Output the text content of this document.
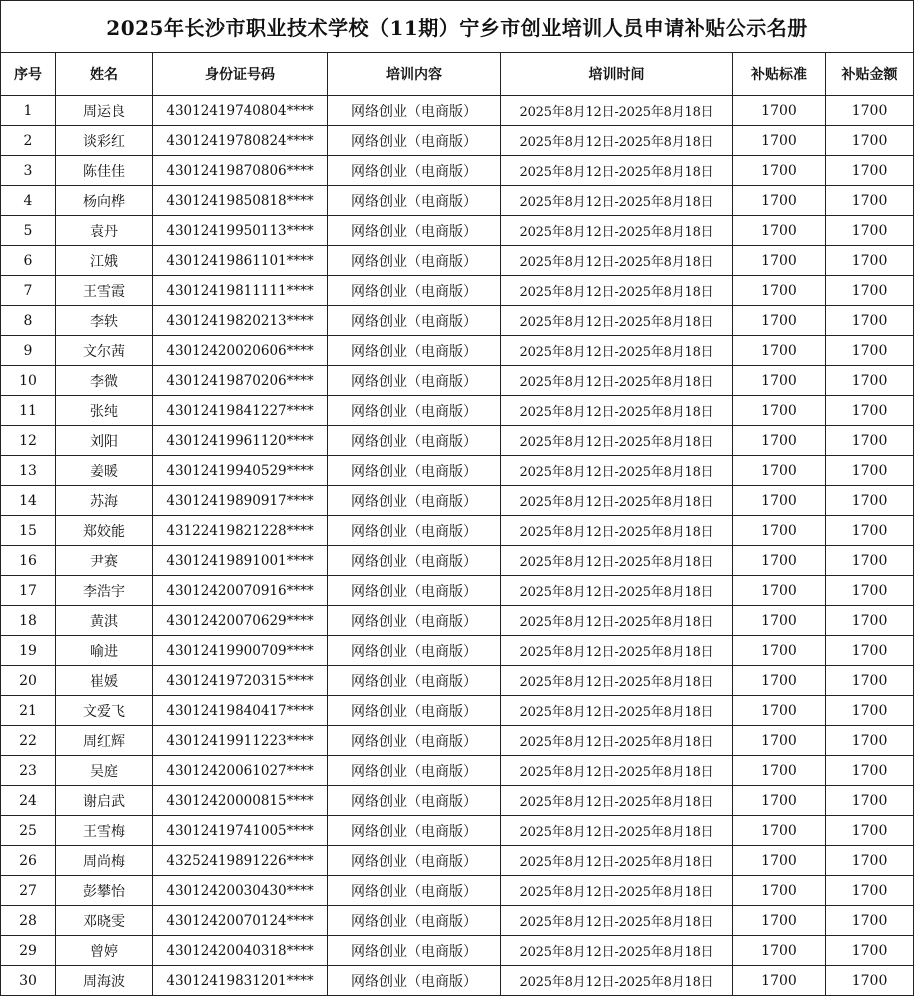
2025年长沙市职业技术学校（11期）宁乡市创业培训人员申请补贴公示名册						
序号	姓名	身份证号码	培训内容	培训时间	补贴标准	补贴金额
1	周运良	43012419740804****	网络创业（电商版）	2025年8月12日-2025年8月18日	1700	1700
2	谈彩红	43012419780824****	网络创业（电商版）	2025年8月12日-2025年8月18日	1700	1700
3	陈佳佳	43012419870806****	网络创业（电商版）	2025年8月12日-2025年8月18日	1700	1700
4	杨向桦	43012419850818****	网络创业（电商版）	2025年8月12日-2025年8月18日	1700	1700
5	袁丹	43012419950113****	网络创业（电商版）	2025年8月12日-2025年8月18日	1700	1700
6	江娥	43012419861101****	网络创业（电商版）	2025年8月12日-2025年8月18日	1700	1700
7	王雪霞	43012419811111****	网络创业（电商版）	2025年8月12日-2025年8月18日	1700	1700
8	李轶	43012419820213****	网络创业（电商版）	2025年8月12日-2025年8月18日	1700	1700
9	文尔茜	43012420020606****	网络创业（电商版）	2025年8月12日-2025年8月18日	1700	1700
10	李微	43012419870206****	网络创业（电商版）	2025年8月12日-2025年8月18日	1700	1700
11	张纯	43012419841227****	网络创业（电商版）	2025年8月12日-2025年8月18日	1700	1700
12	刘阳	43012419961120****	网络创业（电商版）	2025年8月12日-2025年8月18日	1700	1700
13	姜暖	43012419940529****	网络创业（电商版）	2025年8月12日-2025年8月18日	1700	1700
14	苏海	43012419890917****	网络创业（电商版）	2025年8月12日-2025年8月18日	1700	1700
15	郑姣能	43122419821228****	网络创业（电商版）	2025年8月12日-2025年8月18日	1700	1700
16	尹赛	43012419891001****	网络创业（电商版）	2025年8月12日-2025年8月18日	1700	1700
17	李浩宇	43012420070916****	网络创业（电商版）	2025年8月12日-2025年8月18日	1700	1700
18	黄淇	43012420070629****	网络创业（电商版）	2025年8月12日-2025年8月18日	1700	1700
19	喻进	43012419900709****	网络创业（电商版）	2025年8月12日-2025年8月18日	1700	1700
20	崔媛	43012419720315****	网络创业（电商版）	2025年8月12日-2025年8月18日	1700	1700
21	文爱飞	43012419840417****	网络创业（电商版）	2025年8月12日-2025年8月18日	1700	1700
22	周红辉	43012419911223****	网络创业（电商版）	2025年8月12日-2025年8月18日	1700	1700
23	吴庭	43012420061027****	网络创业（电商版）	2025年8月12日-2025年8月18日	1700	1700
24	谢启武	43012420000815****	网络创业（电商版）	2025年8月12日-2025年8月18日	1700	1700
25	王雪梅	43012419741005****	网络创业（电商版）	2025年8月12日-2025年8月18日	1700	1700
26	周尚梅	43252419891226****	网络创业（电商版）	2025年8月12日-2025年8月18日	1700	1700
27	彭攀怡	43012420030430****	网络创业（电商版）	2025年8月12日-2025年8月18日	1700	1700
28	邓晓雯	43012420070124****	网络创业（电商版）	2025年8月12日-2025年8月18日	1700	1700
29	曾婷	43012420040318****	网络创业（电商版）	2025年8月12日-2025年8月18日	1700	1700
30	周海波	43012419831201****	网络创业（电商版）	2025年8月12日-2025年8月18日	1700	1700
